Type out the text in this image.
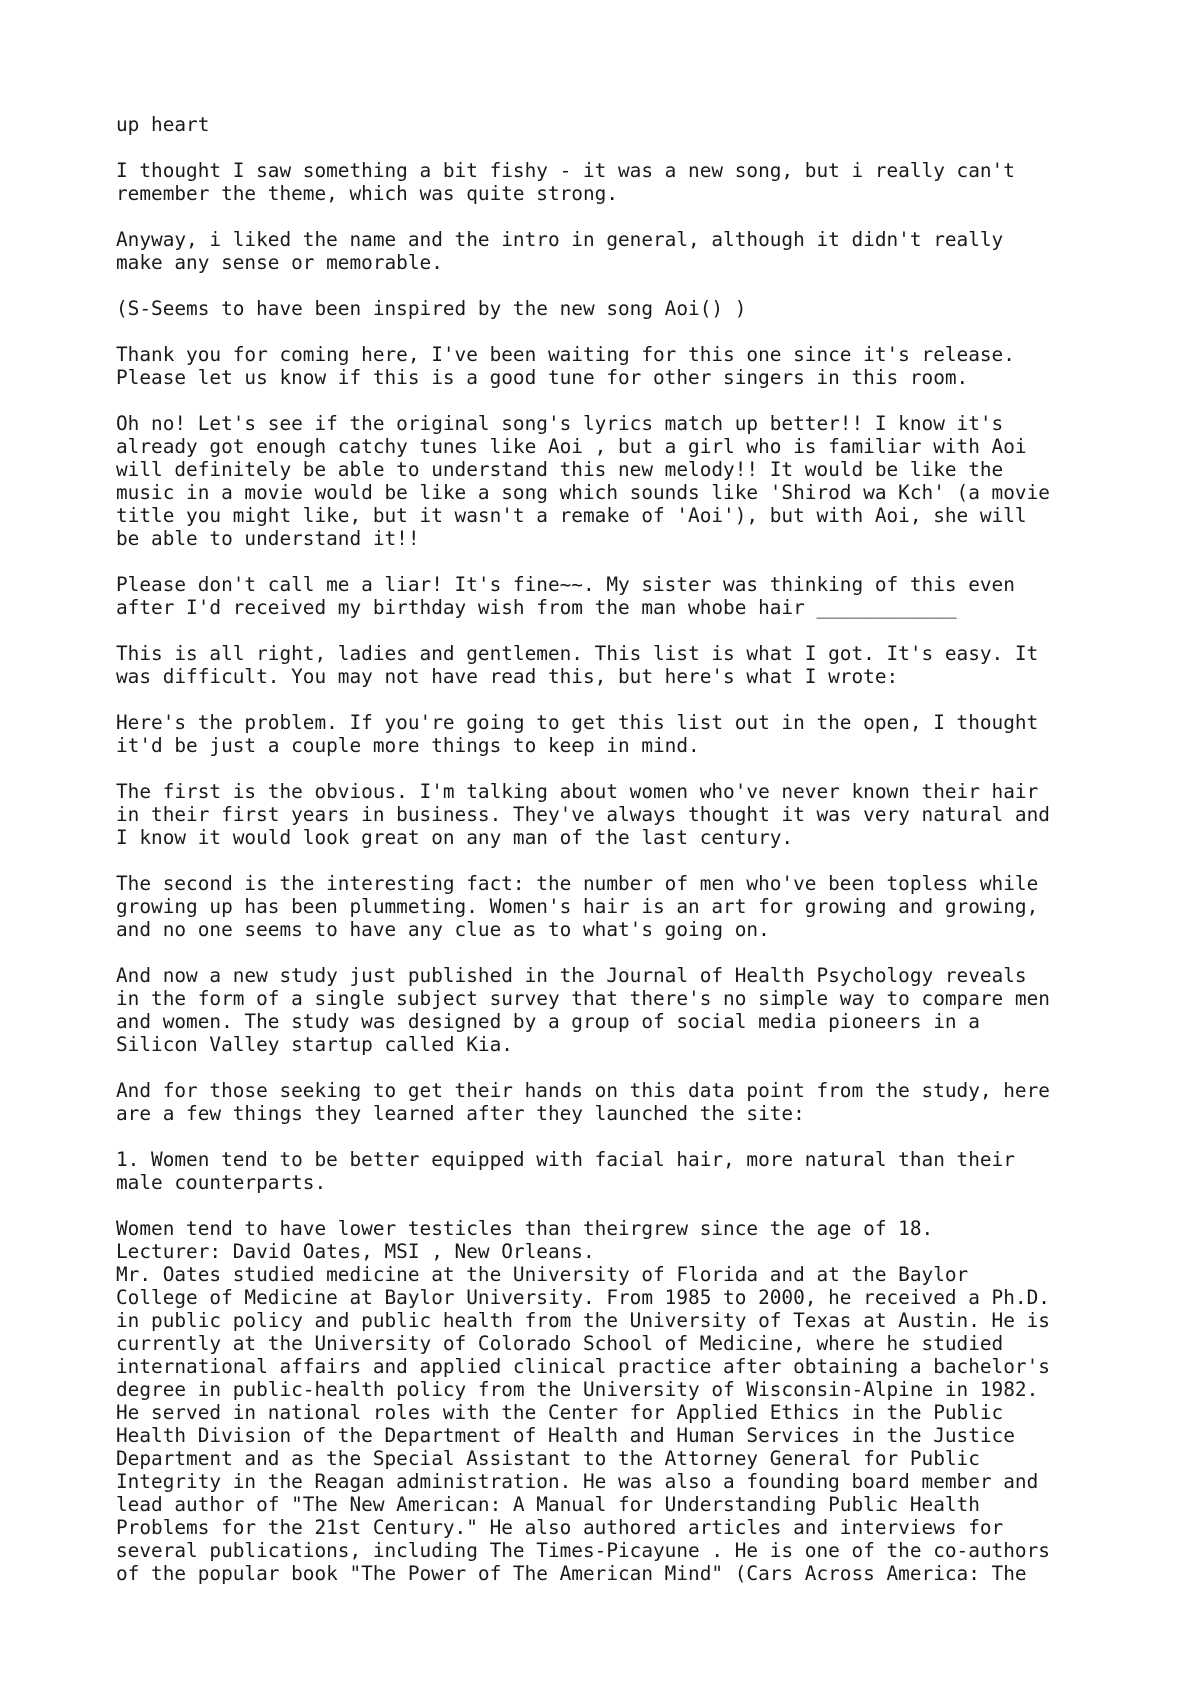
up heart

I thought I saw something a bit fishy - it was a new song, but i really can't
remember the theme, which was quite strong.

Anyway, i liked the name and the intro in general, although it didn't really
make any sense or memorable.

(S-Seems to have been inspired by the new song Aoi() )

Thank you for coming here, I've been waiting for this one since it's release.
Please let us know if this is a good tune for other singers in this room.

Oh no! Let's see if the original song's lyrics match up better!! I know it's
already got enough catchy tunes like Aoi , but a girl who is familiar with Aoi
will definitely be able to understand this new melody!! It would be like the
music in a movie would be like a song which sounds like 'Shirod wa Kch' (a movie
title you might like, but it wasn't a remake of 'Aoi'), but with Aoi, she will
be able to understand it!!

Please don't call me a liar! It's fine~~. My sister was thinking of this even
after I'd received my birthday wish from the man whobe hair ____________

This is all right, ladies and gentlemen. This list is what I got. It's easy. It
was difficult. You may not have read this, but here's what I wrote:

Here's the problem. If you're going to get this list out in the open, I thought
it'd be just a couple more things to keep in mind.

The first is the obvious. I'm talking about women who've never known their hair
in their first years in business. They've always thought it was very natural and
I know it would look great on any man of the last century.

The second is the interesting fact: the number of men who've been topless while
growing up has been plummeting. Women's hair is an art for growing and growing,
and no one seems to have any clue as to what's going on.

And now a new study just published in the Journal of Health Psychology reveals
in the form of a single subject survey that there's no simple way to compare men
and women. The study was designed by a group of social media pioneers in a
Silicon Valley startup called Kia.

And for those seeking to get their hands on this data point from the study, here
are a few things they learned after they launched the site:

1. Women tend to be better equipped with facial hair, more natural than their
male counterparts.

Women tend to have lower testicles than theirgrew since the age of 18.
Lecturer: David Oates, MSI , New Orleans.
Mr. Oates studied medicine at the University of Florida and at the Baylor
College of Medicine at Baylor University. From 1985 to 2000, he received a Ph.D.
in public policy and public health from the University of Texas at Austin. He is
currently at the University of Colorado School of Medicine, where he studied
international affairs and applied clinical practice after obtaining a bachelor's
degree in public-health policy from the University of Wisconsin-Alpine in 1982.
He served in national roles with the Center for Applied Ethics in the Public
Health Division of the Department of Health and Human Services in the Justice
Department and as the Special Assistant to the Attorney General for Public
Integrity in the Reagan administration. He was also a founding board member and
lead author of "The New American: A Manual for Understanding Public Health
Problems for the 21st Century." He also authored articles and interviews for
several publications, including The Times-Picayune . He is one of the co-authors
of the popular book "The Power of The American Mind" (Cars Across America: The
